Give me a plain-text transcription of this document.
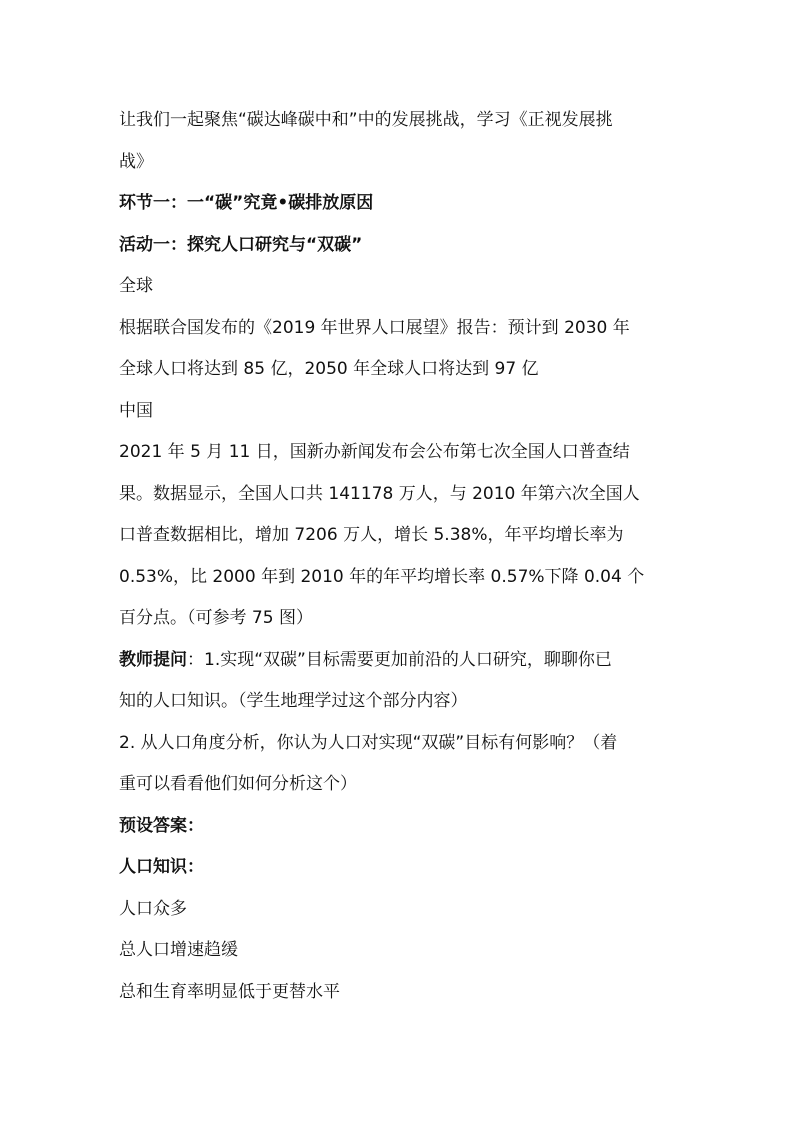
让我们一起聚焦“碳达峰碳中和”中的发展挑战，学习《正视发展挑
战》
环节一：一“碳”究竟•碳排放原因
活动一：探究人口研究与“双碳”
全球
根据联合国发布的《2019 年世界人口展望》报告：预计到 2030 年
全球人口将达到 85 亿，2050 年全球人口将达到 97 亿
中国
2021 年 5 月 11 日，国新办新闻发布会公布第七次全国人口普查结
果。数据显示，全国人口共 141178 万人，与 2010 年第六次全国人
口普查数据相比，增加 7206 万人，增长 5.38%，年平均增长率为
0.53%，比 2000 年到 2010 年的年平均增长率 0.57%下降 0.04 个
百分点。（可参考 75 图）
教师提问：1.实现“双碳”目标需要更加前沿的人口研究，聊聊你已
知的人口知识。（学生地理学过这个部分内容）
2. 从人口角度分析，你认为人口对实现“双碳”目标有何影响？（着
重可以看看他们如何分析这个）
预设答案：
人口知识：
人口众多
总人口增速趋缓
总和生育率明显低于更替水平
